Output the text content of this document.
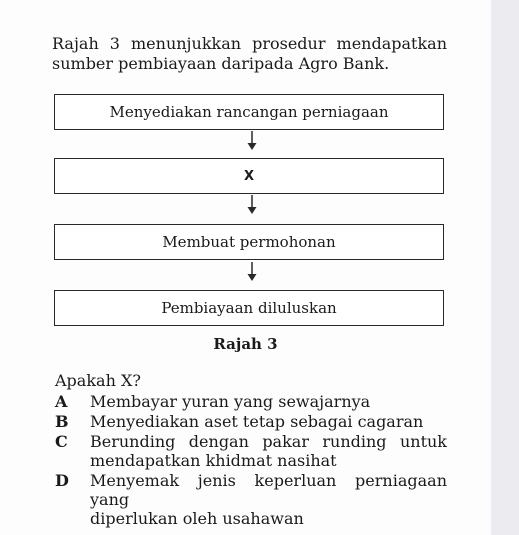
Rajah 3 menunjukkan prosedur mendapatkan
sumber pembiayaan daripada Agro Bank.
Menyediakan rancangan perniagaan
X
Membuat permohonan
Pembiayaan diluluskan
Rajah 3
Apakah X?
A	Membayar yuran yang sewajarnya
B	Menyediakan aset tetap sebagai cagaran
C	Berunding dengan pakar runding untuk
mendapatkan khidmat nasihat
D	Menyemak jenis keperluan perniagaan yang
diperlukan oleh usahawan
